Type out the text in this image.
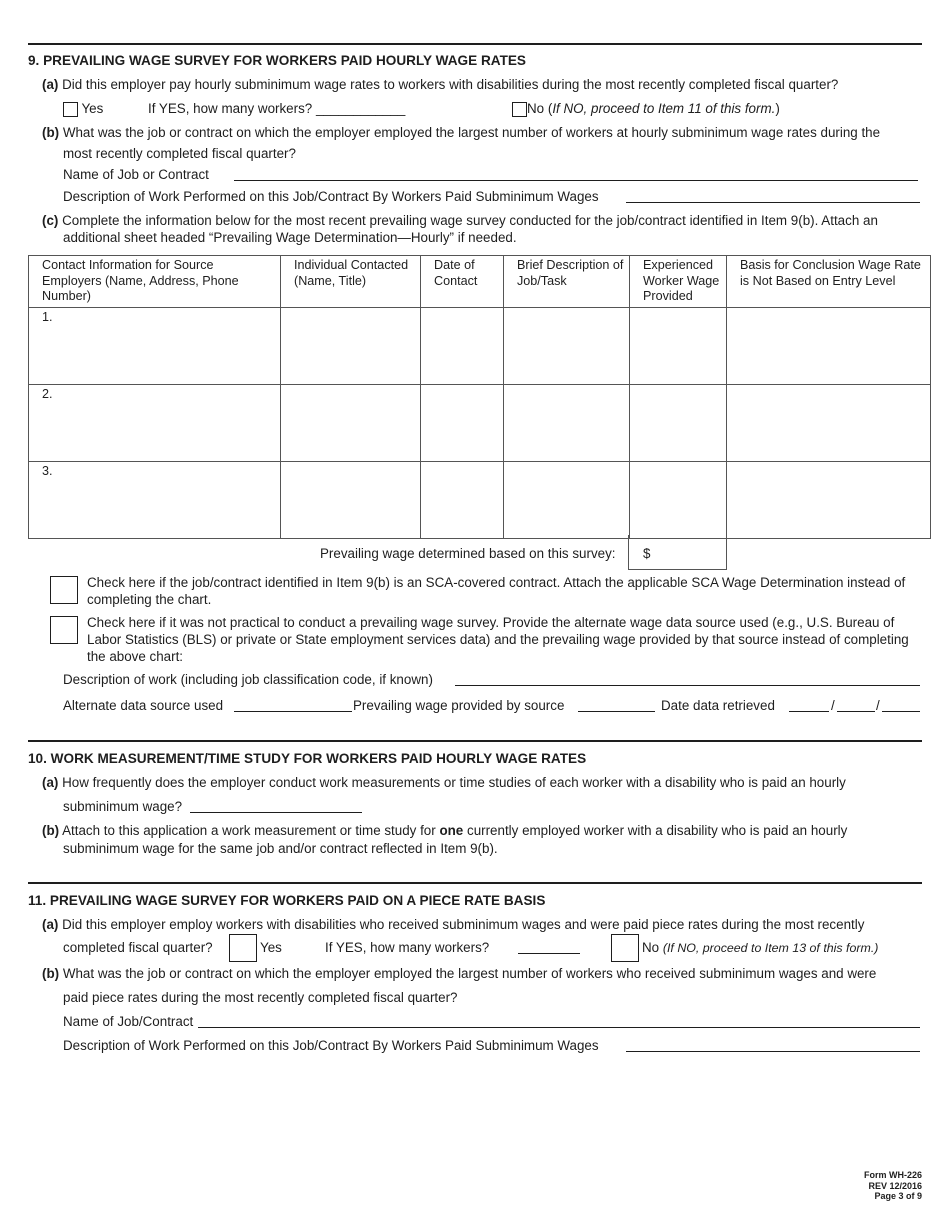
9. PREVAILING WAGE SURVEY FOR WORKERS PAID HOURLY WAGE RATES
(a) Did this employer pay hourly subminimum wage rates to workers with disabilities during the most recently completed fiscal quarter?
Yes	If YES, how many workers? ____________	No (If NO, proceed to Item 11 of this form.)
(b) What was the job or contract on which the employer employed the largest number of workers at hourly subminimum wage rates during the
most recently completed fiscal quarter?
Name of Job or Contract
Description of Work Performed on this Job/Contract By Workers Paid Subminimum Wages
(c) Complete the information below for the most recent prevailing wage survey conducted for the job/contract identified in Item 9(b). Attach an
additional sheet headed “Prevailing Wage Determination—Hourly” if needed.
Contact Information for Source Employers (Name, Address, Phone Number)	Individual Contacted (Name, Title)	Date of Contact	Brief Description of Job/Task	Experienced Worker Wage Provided	Basis for Conclusion Wage Rate is Not Based on Entry Level
1.					
2.					
3.					
Prevailing wage determined based on this survey: $
Check here if the job/contract identified in Item 9(b) is an SCA-covered contract. Attach the applicable SCA Wage Determination instead of completing the chart.
Check here if it was not practical to conduct a prevailing wage survey. Provide the alternate wage data source used (e.g., U.S. Bureau of Labor Statistics (BLS) or private or State employment services data) and the prevailing wage provided by that source instead of completing the above chart:
Description of work (including job classification code, if known)
Alternate data source used	Prevailing wage provided by source	Date data retrieved	/	/
10. WORK MEASUREMENT/TIME STUDY FOR WORKERS PAID HOURLY WAGE RATES
(a) How frequently does the employer conduct work measurements or time studies of each worker with a disability who is paid an hourly
subminimum wage?
(b) Attach to this application a work measurement or time study for one currently employed worker with a disability who is paid an hourly
subminimum wage for the same job and/or contract reflected in Item 9(b).
11. PREVAILING WAGE SURVEY FOR WORKERS PAID ON A PIECE RATE BASIS
(a) Did this employer employ workers with disabilities who received subminimum wages and were paid piece rates during the most recently
completed fiscal quarter?	Yes	If YES, how many workers?	No (If NO, proceed to Item 13 of this form.)
(b) What was the job or contract on which the employer employed the largest number of workers who received subminimum wages and were
paid piece rates during the most recently completed fiscal quarter?
Name of Job/Contract
Description of Work Performed on this Job/Contract By Workers Paid Subminimum Wages
Form WH-226
REV 12/2016
Page 3 of 9
